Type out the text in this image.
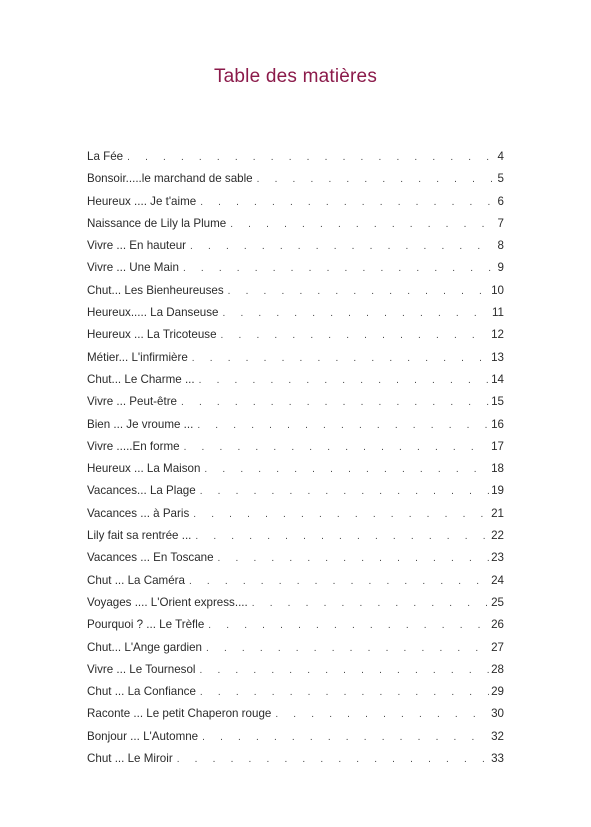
Table des matières
La Fée . . .	4
Bonsoir.....le marchand de sable . . .	5
Heureux .... Je t'aime . . .	6
Naissance de Lily la Plume . . .	7
Vivre ... En hauteur . . .	8
Vivre ... Une Main . . .	9
Chut... Les Bienheureuses . . .	10
Heureux..... La Danseuse . . .	11
Heureux ... La Tricoteuse . . .	12
Métier... L'infirmière . . .	13
Chut... Le Charme ... . . .	14
Vivre ... Peut-être . . .	15
Bien ... Je vroume ... . . .	16
Vivre .....En forme . . .	17
Heureux ... La Maison . . .	18
Vacances... La Plage . . .	19
Vacances ... à Paris . . .	21
Lily fait sa rentrée ... . . .	22
Vacances ... En Toscane . . .	23
Chut ... La Caméra . . .	24
Voyages .... L'Orient express.... . . .	25
Pourquoi ? ... Le Trèfle . . .	26
Chut... L'Ange gardien . . .	27
Vivre ... Le Tournesol . . .	28
Chut ... La Confiance . . .	29
Raconte ... Le petit Chaperon rouge . . .	30
Bonjour ... L'Automne . . .	32
Chut ... Le Miroir . . .	33
